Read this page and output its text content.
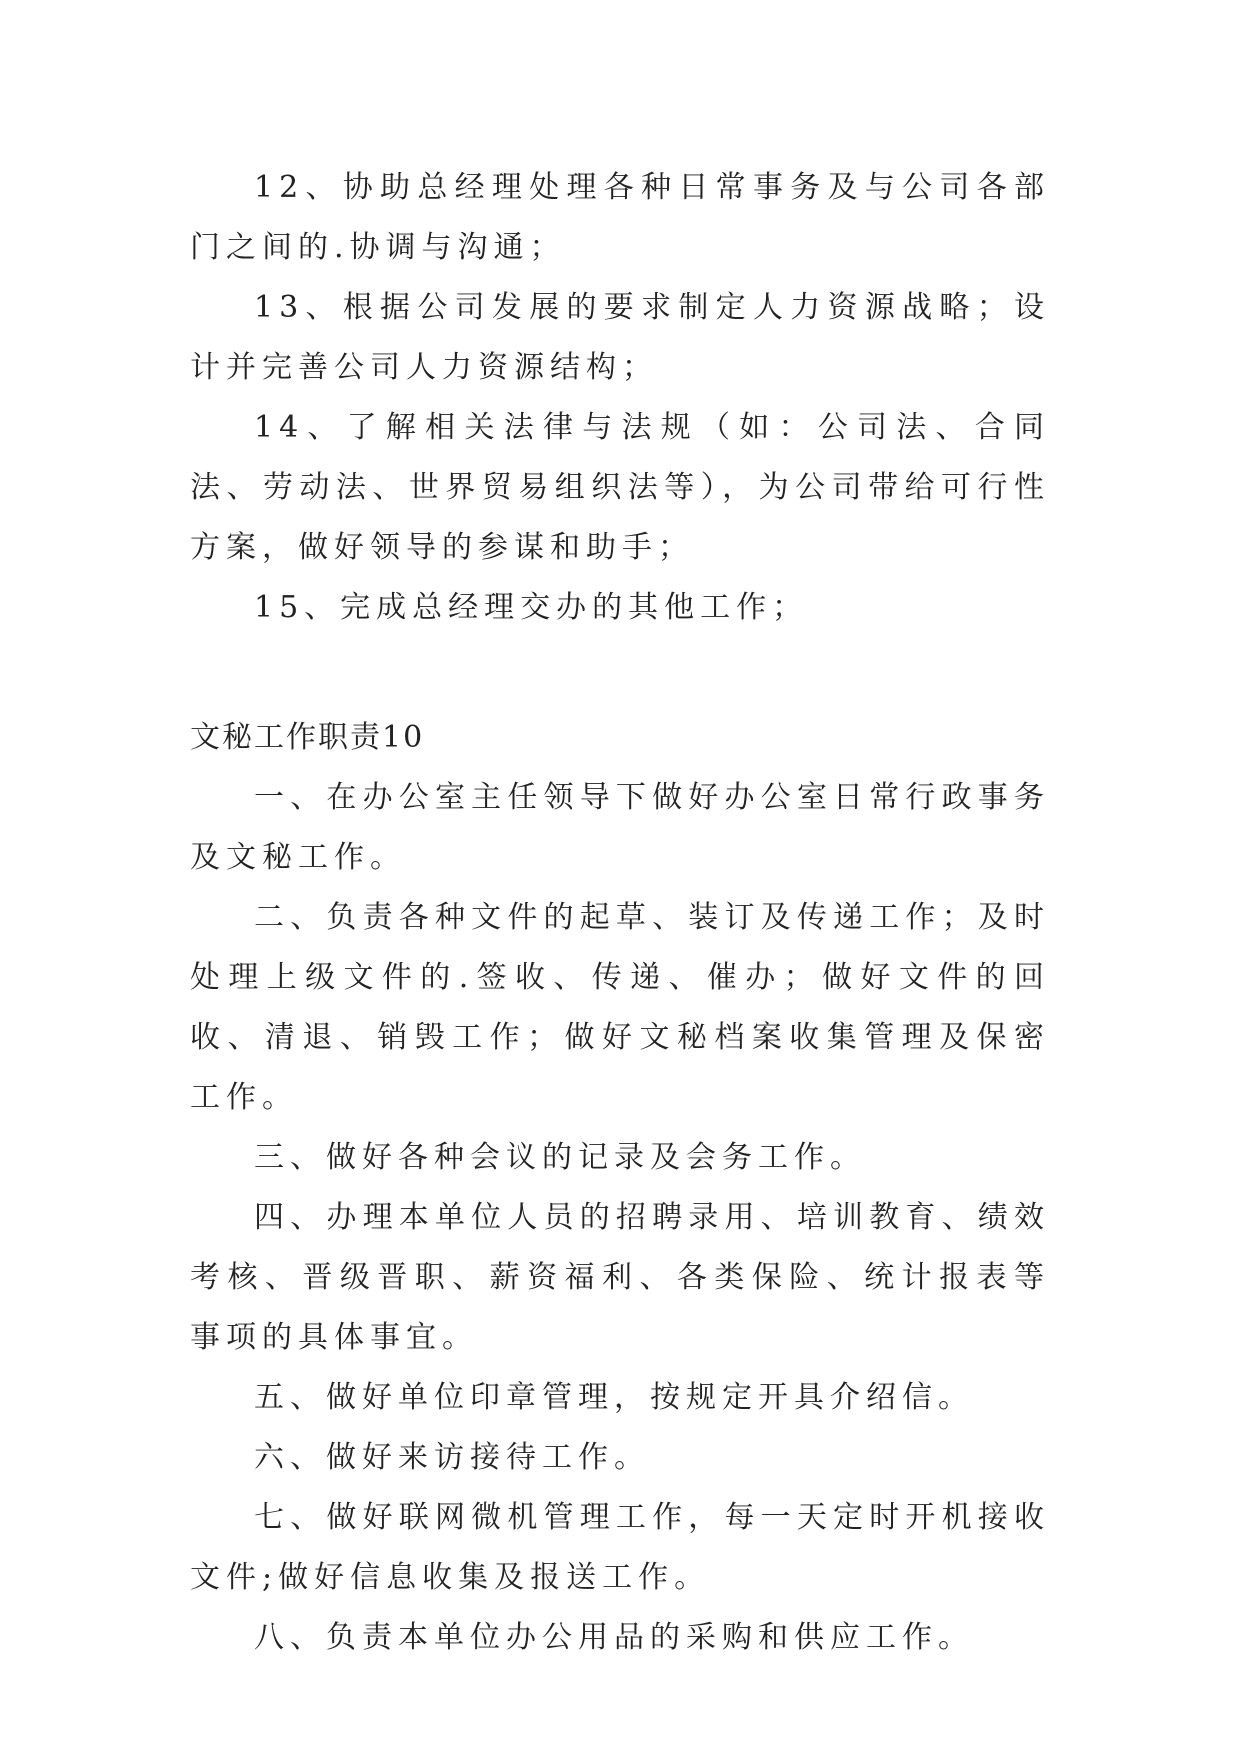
12、协助总经理处理各种日常事务及与公司各部门之间的.协调与沟通；

13、根据公司发展的要求制定人力资源战略；设计并完善公司人力资源结构；

14、了解相关法律与法规（如：公司法、合同法、劳动法、世界贸易组织法等），为公司带给可行性方案，做好领导的参谋和助手；

15、完成总经理交办的其他工作；

文秘工作职责10

一、在办公室主任领导下做好办公室日常行政事务及文秘工作。

二、负责各种文件的起草、装订及传递工作；及时处理上级文件的.签收、传递、催办；做好文件的回收、清退、销毁工作；做好文秘档案收集管理及保密工作。

三、做好各种会议的记录及会务工作。

四、办理本单位人员的招聘录用、培训教育、绩效考核、晋级晋职、薪资福利、各类保险、统计报表等事项的具体事宜。

五、做好单位印章管理，按规定开具介绍信。

六、做好来访接待工作。

七、做好联网微机管理工作，每一天定时开机接收文件;做好信息收集及报送工作。

八、负责本单位办公用品的采购和供应工作。
